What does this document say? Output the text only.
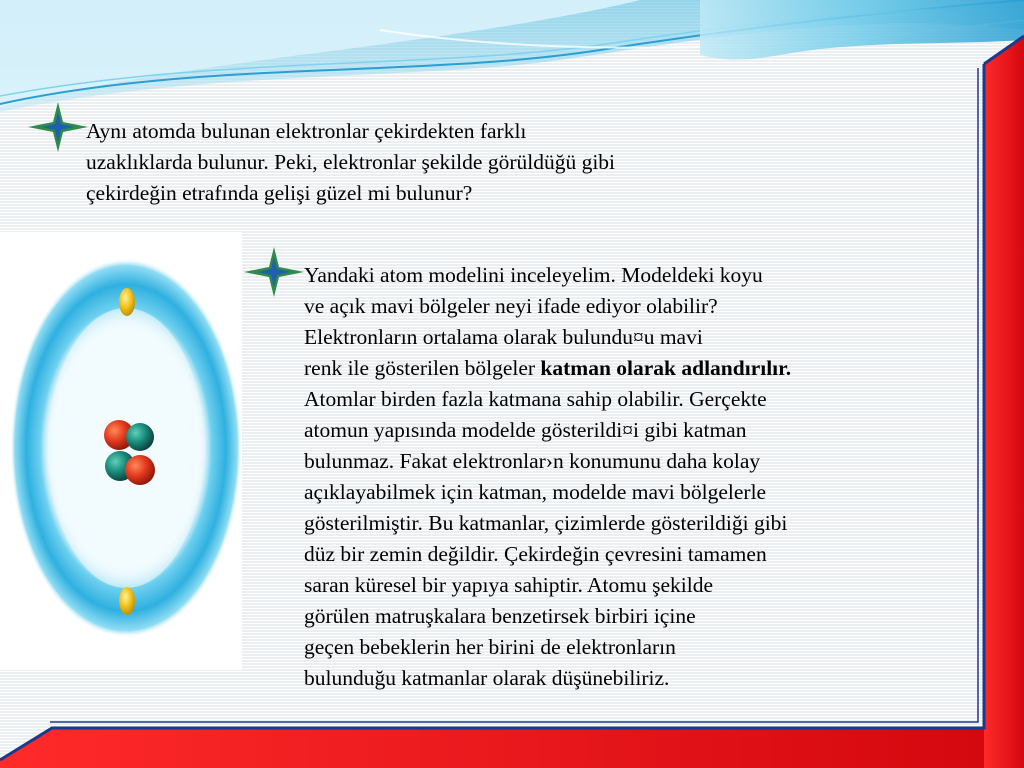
Aynı atomda bulunan elektronlar çekirdekten farklı

uzaklıklarda bulunur. Peki, elektronlar şekilde görüldüğü gibi

çekirdeğin etrafında gelişi güzel mi bulunur?

Yandaki atom modelini inceleyelim. Modeldeki koyu

ve açık mavi bölgeler neyi ifade ediyor olabilir?

Elektronların ortalama olarak bulundu¤u mavi

renk ile gösterilen bölgeler katman olarak adlandırılır.

Atomlar birden fazla katmana sahip olabilir. Gerçekte

atomun yapısında modelde gösterildi¤i gibi katman

bulunmaz. Fakat elektronlar›n konumunu daha kolay

açıklayabilmek için katman, modelde mavi bölgelerle

gösterilmiştir. Bu katmanlar, çizimlerde gösterildiği gibi

düz bir zemin değildir. Çekirdeğin çevresini tamamen

saran küresel bir yapıya sahiptir. Atomu şekilde

görülen matruşkalara benzetirsek birbiri içine

geçen bebeklerin her birini de elektronların

bulunduğu katmanlar olarak düşünebiliriz.
